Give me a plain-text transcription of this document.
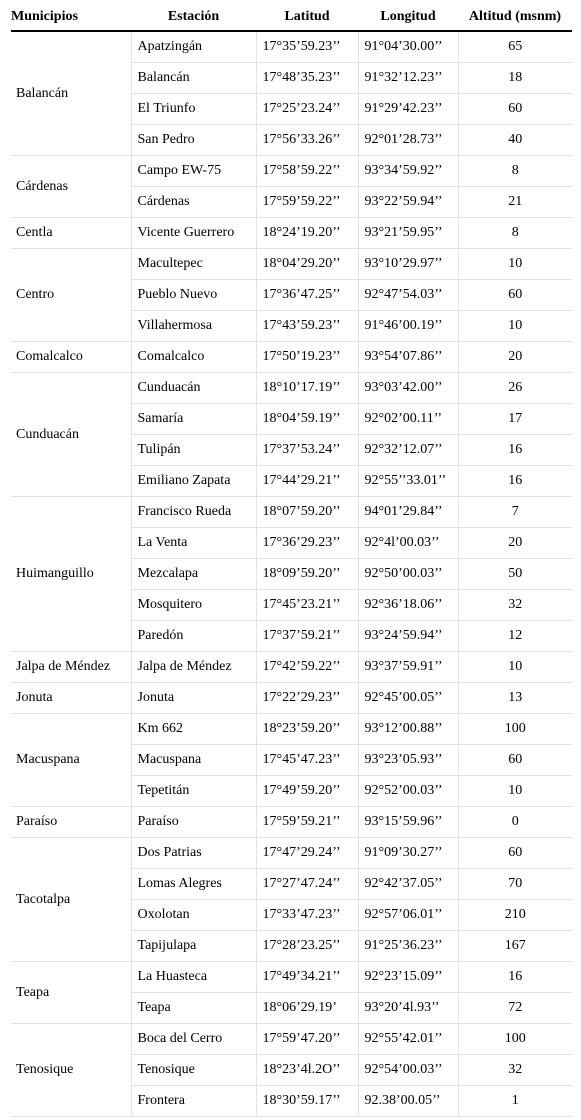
Municipios	Estación	Latitud	Longitud	Altitud (msnm)
Balancán	Apatzingán	17°35’59.23’’	91°04’30.00’’	65
	Balancán	17°48’35.23’’	91°32’12.23’’	18
	El Triunfo	17°25’23.24’’	91°29’42.23’’	60
	San Pedro	17°56’33.26’’	92°01’28.73’’	40
Cárdenas	Campo EW-75	17°58’59.22’’	93°34’59.92’’	8
	Cárdenas	17°59’59.22’’	93°22’59.94’’	21
Centla	Vicente Guerrero	18°24’19.20’’	93°21’59.95’’	8
Centro	Macultepec	18°04’29.20’’	93°10’29.97’’	10
	Pueblo Nuevo	17°36’47.25’’	92°47’54.03’’	60
	Villahermosa	17°43’59.23’’	91°46’00.19’’	10
Comalcalco	Comalcalco	17°50’19.23’’	93°54’07.86’’	20
Cunduacán	Cunduacán	18°10’17.19’’	93°03’42.00’’	26
	Samaría	18°04’59.19’’	92°02’00.11’’	17
	Tulipán	17°37’53.24’’	92°32’12.07’’	16
	Emiliano Zapata	17°44’29.21’’	92°55’’33.01’’	16
Huimanguillo	Francisco Rueda	18°07’59.20’’	94°01’29.84’’	7
	La Venta	17°36’29.23’’	92°4l’00.03’’	20
	Mezcalapa	18°09’59.20’’	92°50’00.03’’	50
	Mosquitero	17°45’23.21’’	92°36’18.06’’	32
	Paredón	17°37’59.21’’	93°24’59.94’’	12
Jalpa de Méndez	Jalpa de Méndez	17°42’59.22’’	93°37’59.91’’	10
Jonuta	Jonuta	17°22’29.23’’	92°45’00.05’’	13
Macuspana	Km 662	18°23’59.20’’	93°12’00.88’’	100
	Macuspana	17°45’47.23’’	93°23’05.93’’	60
	Tepetitán	17°49’59.20’’	92°52’00.03’’	10
Paraíso	Paraíso	17°59’59.21’’	93°15’59.96’’	0
Tacotalpa	Dos Patrias	17°47’29.24’’	91°09’30.27’’	60
	Lomas Alegres	17°27’47.24’’	92°42’37.05’’	70
	Oxolotan	17°33’47.23’’	92°57’06.01’’	210
	Tapijulapa	17°28’23.25’’	91°25’36.23’’	167
Teapa	La Huasteca	17°49’34.21’’	92°23’15.09’’	16
	Teapa	18°06’29.19’	93°20’4l.93’’	72
Tenosique	Boca del Cerro	17°59’47.20’’	92°55’42.01’’	100
	Tenosique	18°23’4l.2O’’	92°54’00.03’’	32
	Frontera	18°30’59.17’’	92.38’00.05’’	1
